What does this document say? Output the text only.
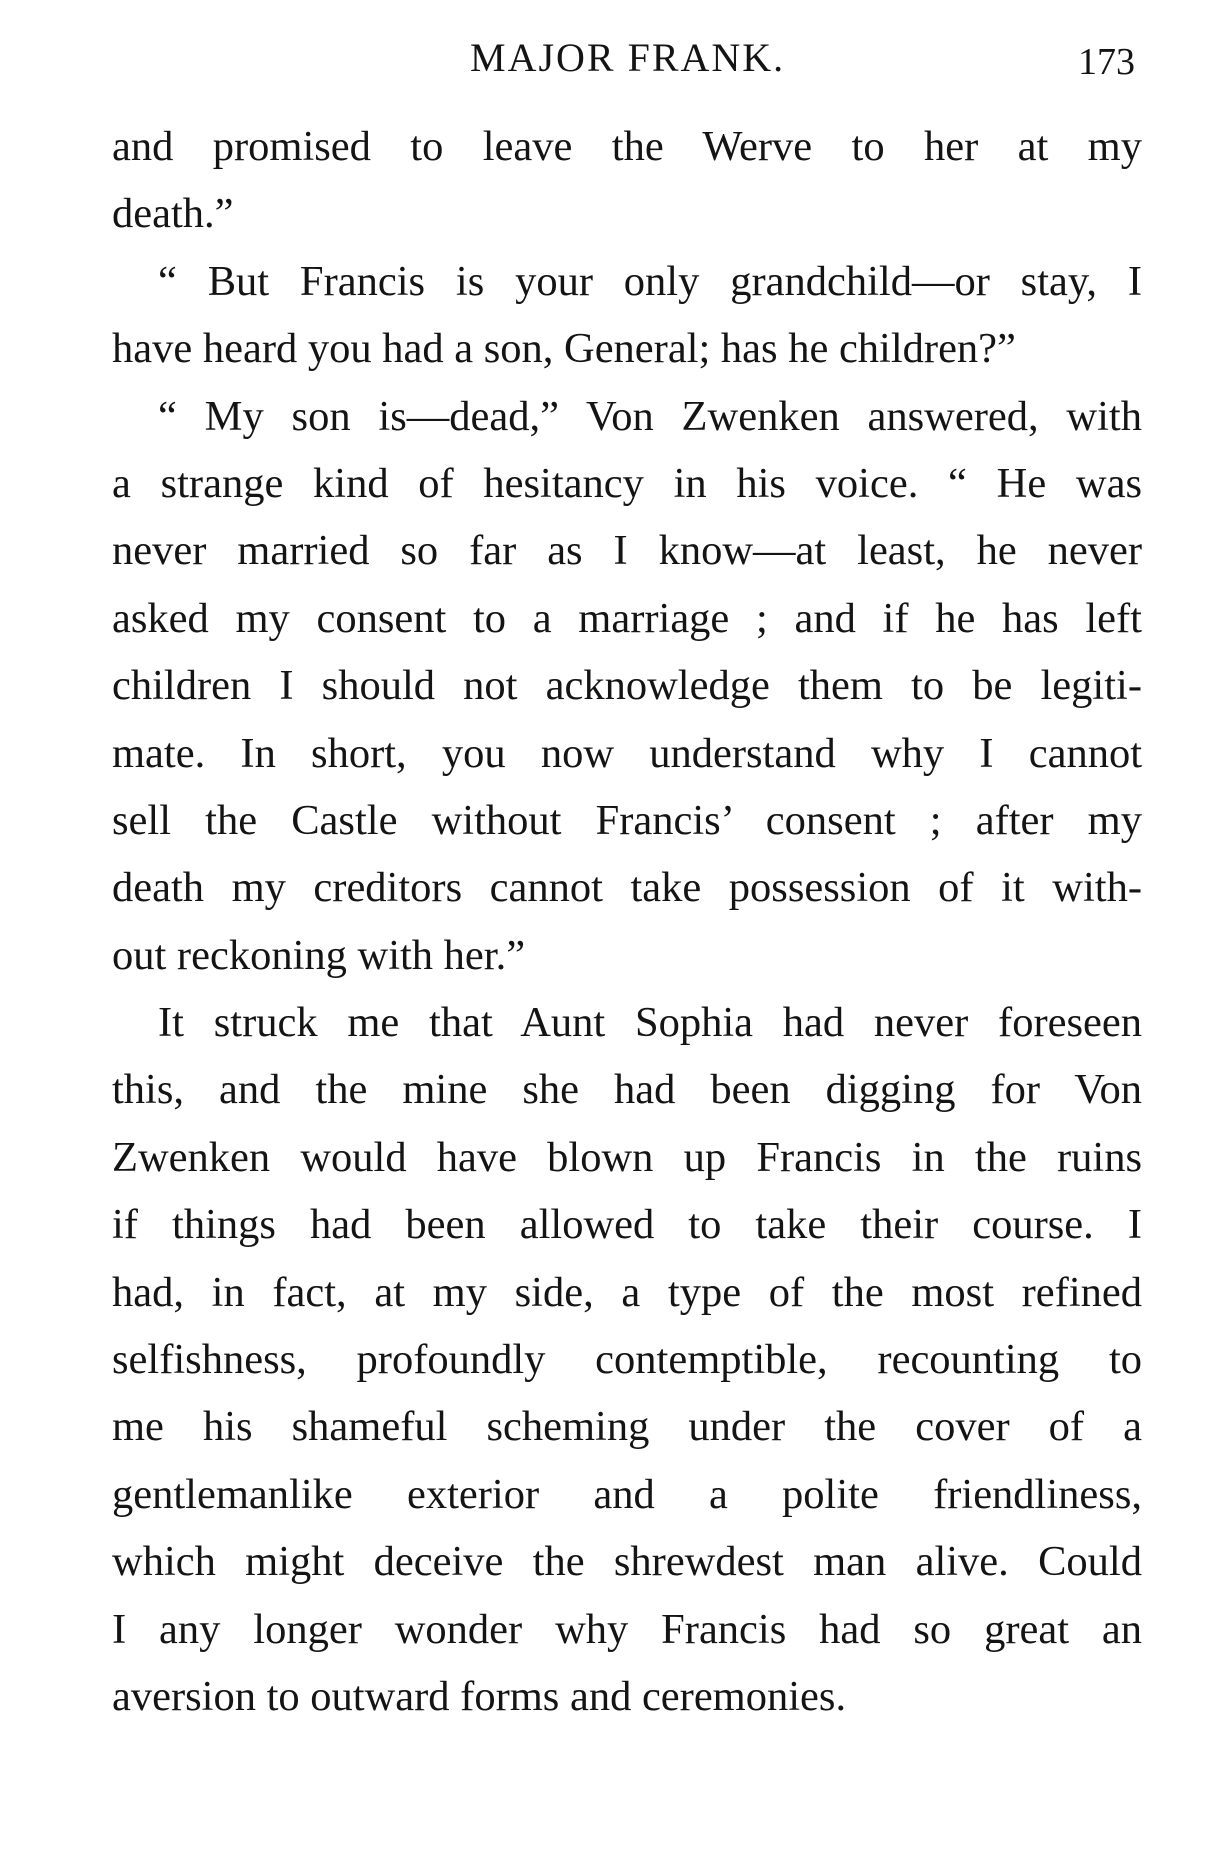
MAJOR FRANK.	173
and promised to leave the Werve to her at my
death.”
“ But Francis is your only grandchild—or stay, I
have heard you had a son, General; has he children?”
“ My son is—dead,” Von Zwenken answered, with
a strange kind of hesitancy in his voice. “ He was
never married so far as I know—at least, he never
asked my consent to a marriage ; and if he has left
children I should not acknowledge them to be legiti-
mate. In short, you now understand why I cannot
sell the Castle without Francis’ consent ; after my
death my creditors cannot take possession of it with-
out reckoning with her.”
It struck me that Aunt Sophia had never foreseen
this, and the mine she had been digging for Von
Zwenken would have blown up Francis in the ruins
if things had been allowed to take their course. I
had, in fact, at my side, a type of the most refined
selfishness, profoundly contemptible, recounting to
me his shameful scheming under the cover of a
gentlemanlike exterior and a polite friendliness,
which might deceive the shrewdest man alive. Could
I any longer wonder why Francis had so great an
aversion to outward forms and ceremonies.
